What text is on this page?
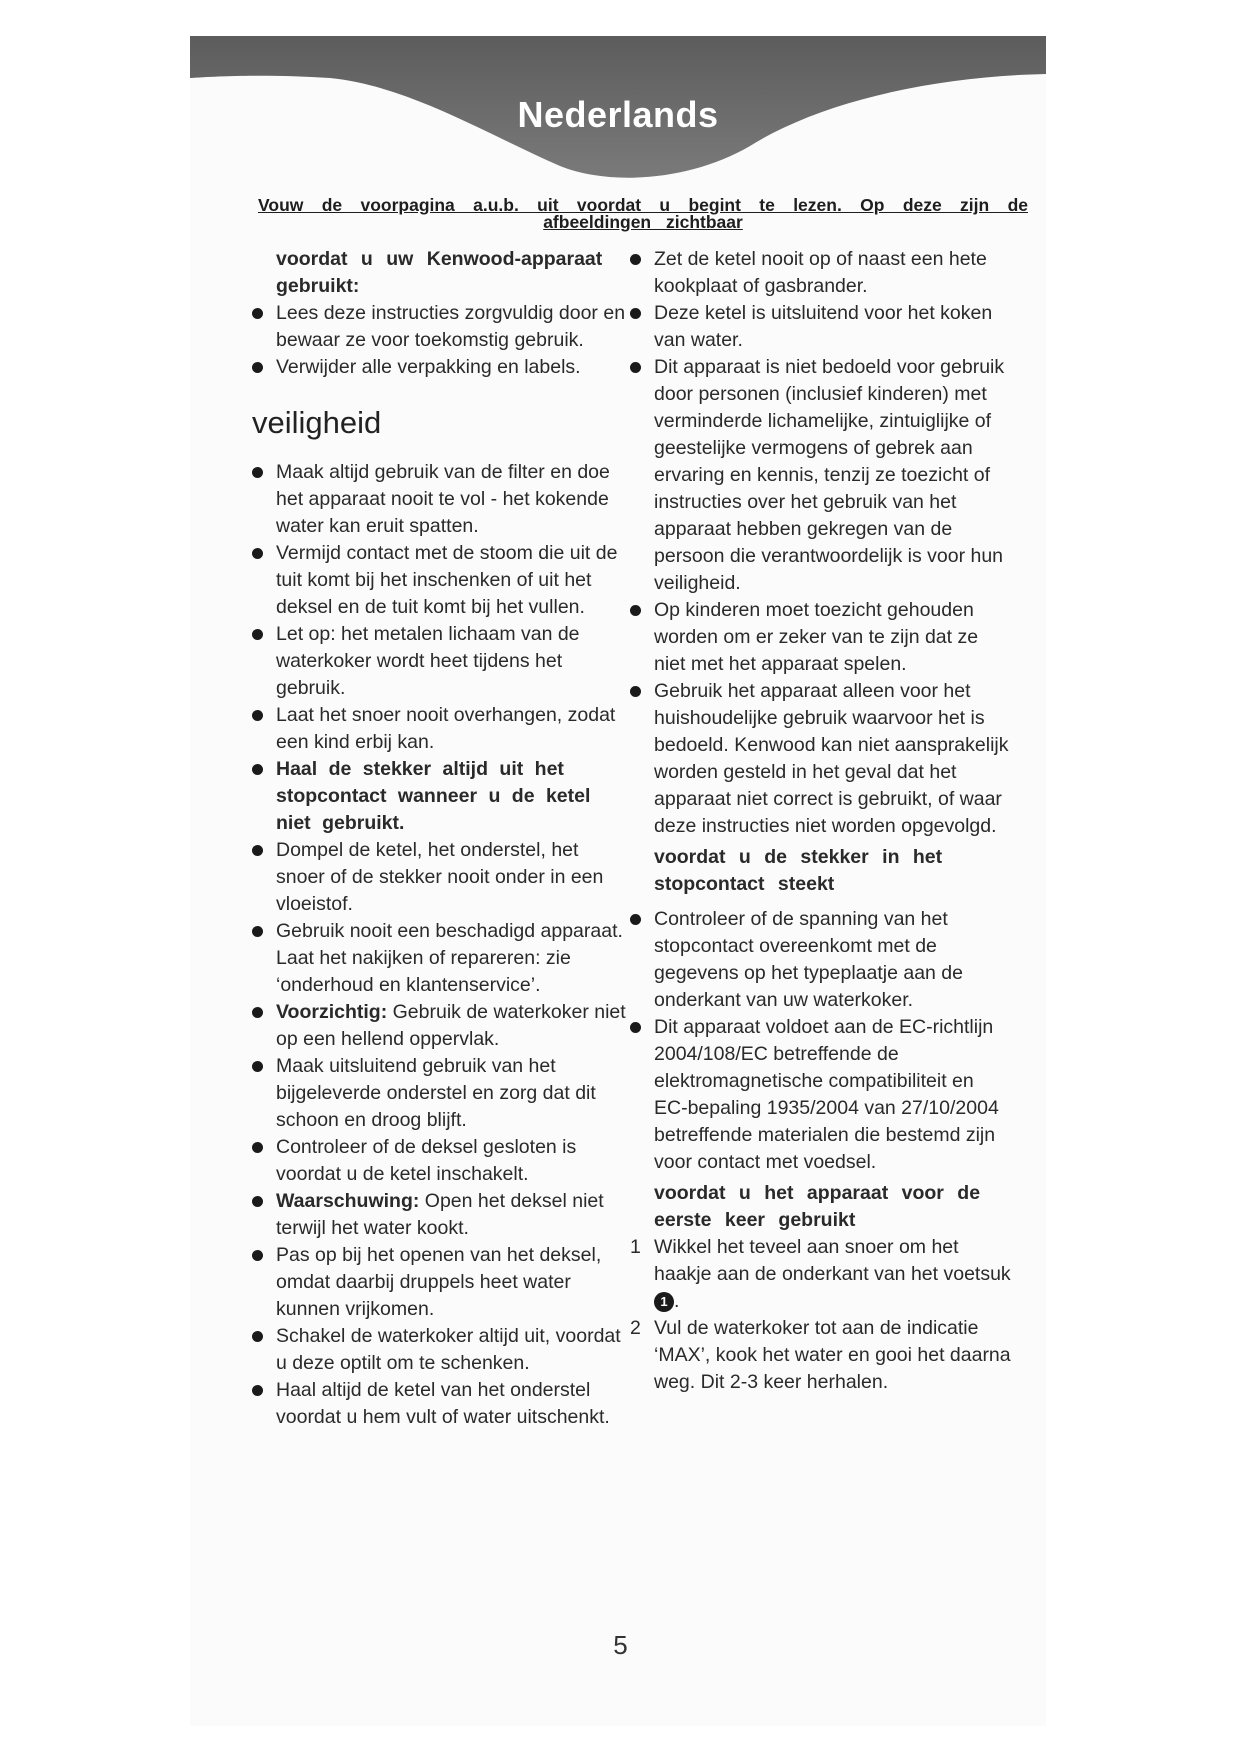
Nederlands
Vouw de voorpagina a.u.b. uit voordat u begint te lezen. Op deze zijn de afbeeldingen zichtbaar

voordat u uw Kenwood-apparaat gebruikt:

Lees deze instructies zorgvuldig door en bewaar ze voor toekomstig gebruik.
Verwijder alle verpakking en labels.
veiligheid
Maak altijd gebruik van de filter en doe het apparaat nooit te vol - het kokende water kan eruit spatten.
Vermijd contact met de stoom die uit de tuit komt bij het inschenken of uit het deksel en de tuit komt bij het vullen.
Let op: het metalen lichaam van de waterkoker wordt heet tijdens het gebruik.
Laat het snoer nooit overhangen, zodat een kind erbij kan.
Haal de stekker altijd uit het stopcontact wanneer u de ketel niet gebruikt.
Dompel de ketel, het onderstel, het snoer of de stekker nooit onder in een vloeistof.
Gebruik nooit een beschadigd apparaat. Laat het nakijken of repareren: zie ‘onderhoud en klantenservice’.
Voorzichtig: Gebruik de waterkoker niet op een hellend oppervlak.
Maak uitsluitend gebruik van het bijgeleverde onderstel en zorg dat dit schoon en droog blijft.
Controleer of de deksel gesloten is voordat u de ketel inschakelt.
Waarschuwing: Open het deksel niet terwijl het water kookt.
Pas op bij het openen van het deksel, omdat daarbij druppels heet water kunnen vrijkomen.
Schakel de waterkoker altijd uit, voordat u deze optilt om te schenken.
Haal altijd de ketel van het onderstel voordat u hem vult of water uitschenkt.
Zet de ketel nooit op of naast een hete kookplaat of gasbrander.
Deze ketel is uitsluitend voor het koken van water.
Dit apparaat is niet bedoeld voor gebruik door personen (inclusief kinderen) met verminderde lichamelijke, zintuiglijke of geestelijke vermogens of gebrek aan ervaring en kennis, tenzij ze toezicht of instructies over het gebruik van het apparaat hebben gekregen van de persoon die verantwoordelijk is voor hun veiligheid.
Op kinderen moet toezicht gehouden worden om er zeker van te zijn dat ze niet met het apparaat spelen.
Gebruik het apparaat alleen voor het huishoudelijke gebruik waarvoor het is bedoeld. Kenwood kan niet aansprakelijk worden gesteld in het geval dat het apparaat niet correct is gebruikt, of waar deze instructies niet worden opgevolgd.

voordat u de stekker in het stopcontact steekt

Controleer of de spanning van het stopcontact overeenkomt met de gegevens op het typeplaatje aan de onderkant van uw waterkoker.
Dit apparaat voldoet aan de EC-richtlijn 2004/108/EC betreffende de elektromagnetische compatibiliteit en EC-bepaling 1935/2004 van 27/10/2004 betreffende materialen die bestemd zijn voor contact met voedsel.

voordat u het apparaat voor de eerste keer gebruikt

1 Wikkel het teveel aan snoer om het haakje aan de onderkant van het voetsuk 1 .
2 Vul de waterkoker tot aan de indicatie ‘MAX’, kook het water en gooi het daarna weg. Dit 2-3 keer herhalen.
5
